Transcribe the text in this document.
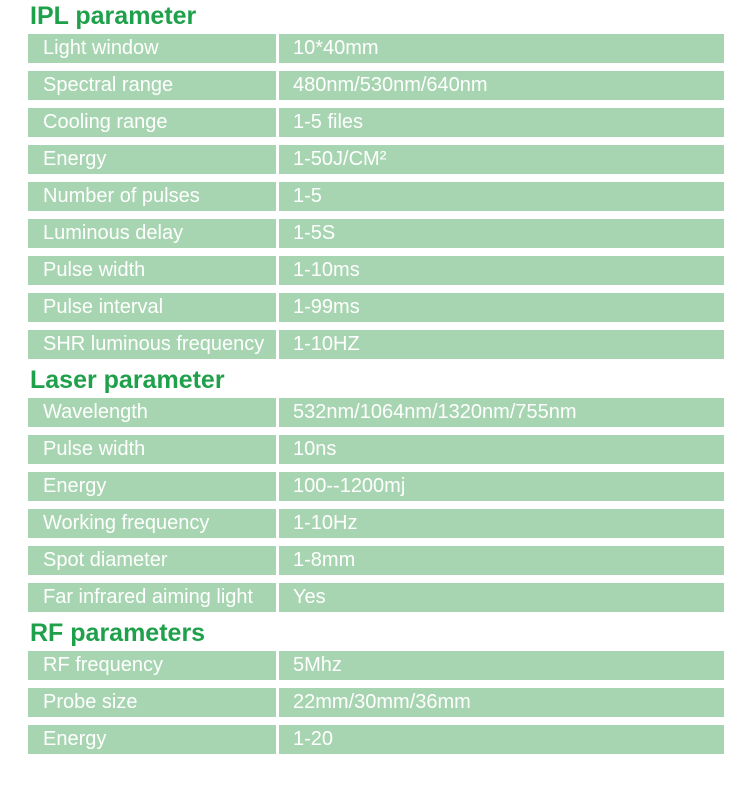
IPL parameter
Light window	10*40mm
Spectral range	480nm/530nm/640nm
Cooling range	1-5 files
Energy	1-50J/CM²
Number of pulses	1-5
Luminous delay	1-5S
Pulse width	1-10ms
Pulse interval	1-99ms
SHR luminous frequency	1-10HZ
Laser parameter
Wavelength	532nm/1064nm/1320nm/755nm
Pulse width	10ns
Energy	100--1200mj
Working frequency	1-10Hz
Spot diameter	1-8mm
Far infrared aiming light	Yes
RF parameters
RF frequency	5Mhz
Probe size	22mm/30mm/36mm
Energy	1-20
